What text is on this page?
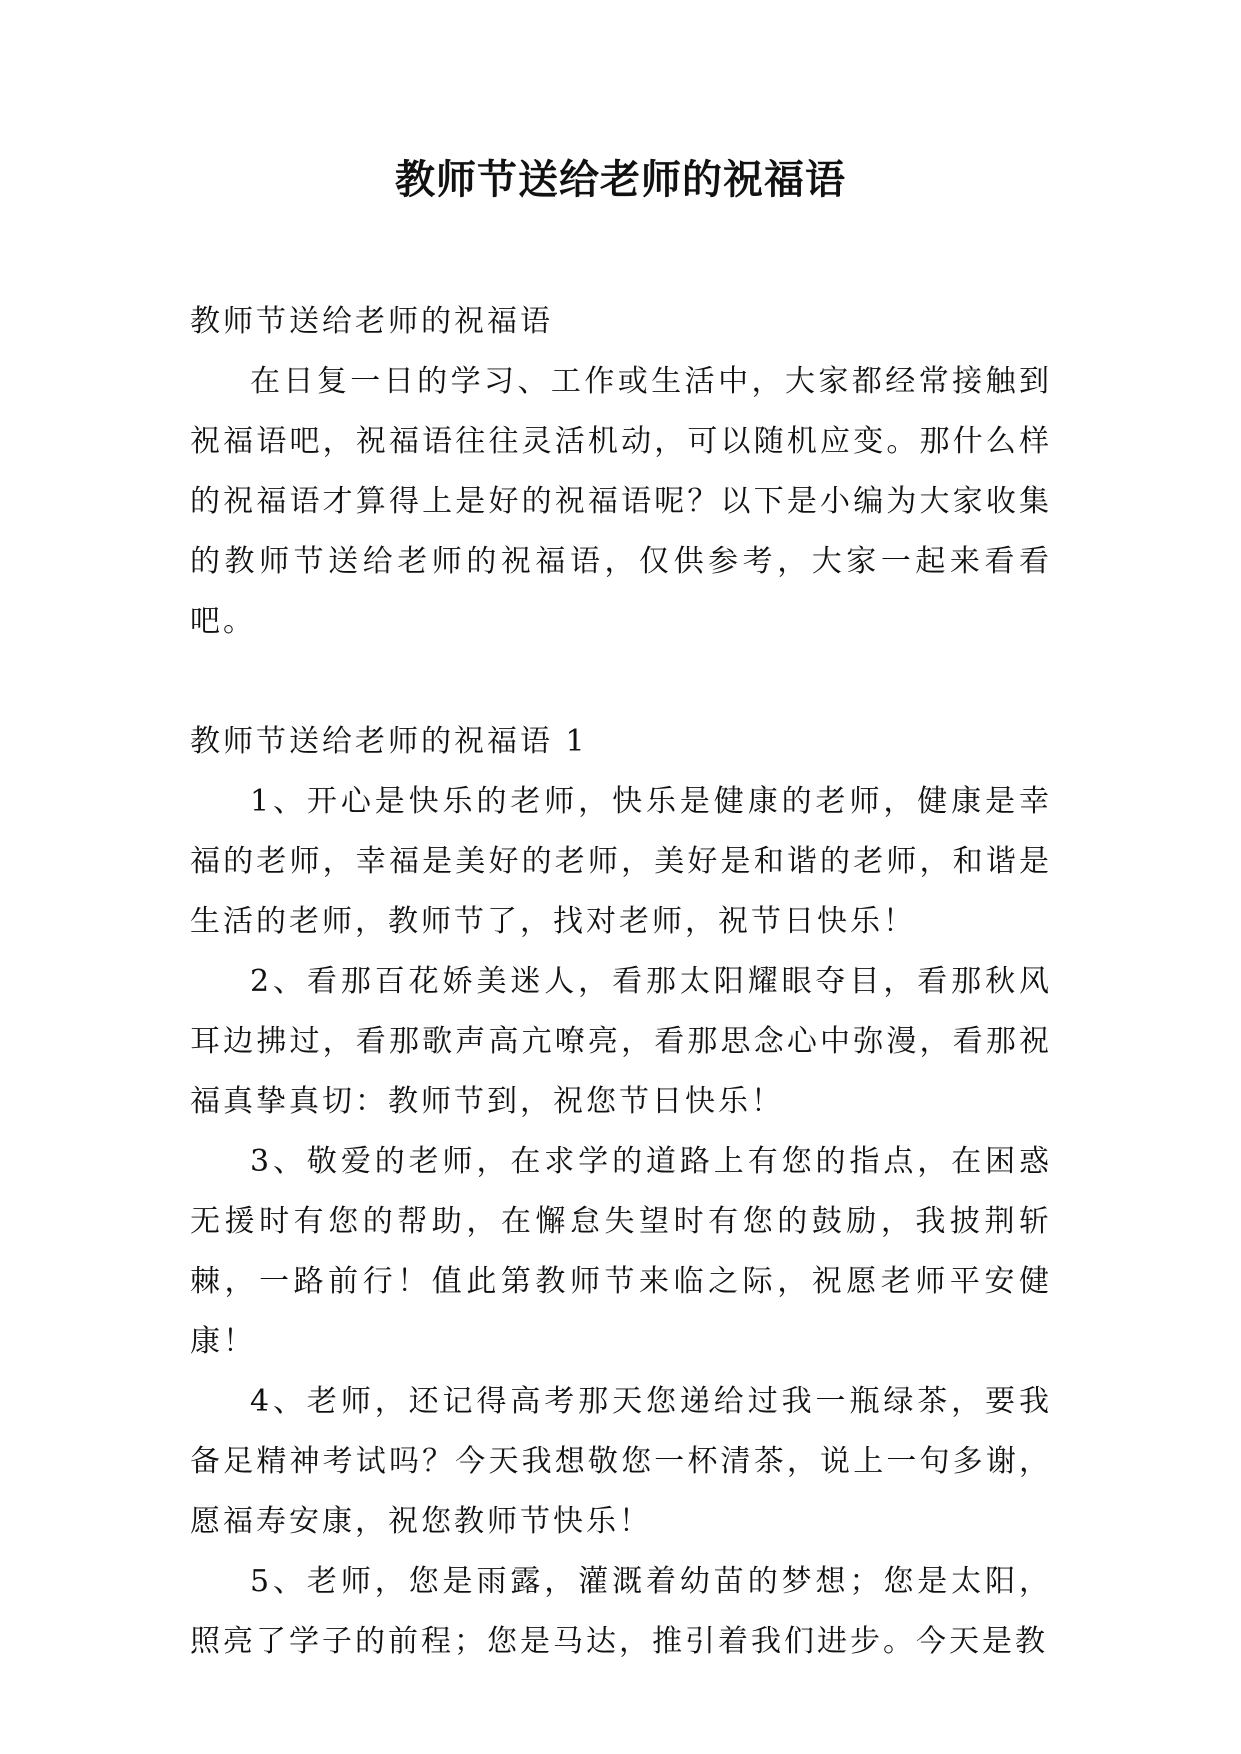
教师节送给老师的祝福语

教师节送给老师的祝福语

在日复一日的学习、工作或生活中，大家都经常接触到祝福语吧，祝福语往往灵活机动，可以随机应变。那什么样的祝福语才算得上是好的祝福语呢？以下是小编为大家收集的教师节送给老师的祝福语，仅供参考，大家一起来看看吧。

教师节送给老师的祝福语 1

1、开心是快乐的老师，快乐是健康的老师，健康是幸福的老师，幸福是美好的老师，美好是和谐的老师，和谐是生活的老师，教师节了，找对老师，祝节日快乐！

2、看那百花娇美迷人，看那太阳耀眼夺目，看那秋风耳边拂过，看那歌声高亢嘹亮，看那思念心中弥漫，看那祝福真挚真切：教师节到，祝您节日快乐！

3、敬爱的老师，在求学的道路上有您的指点，在困惑无援时有您的帮助，在懈怠失望时有您的鼓励，我披荆斩棘，一路前行！值此第教师节来临之际，祝愿老师平安健康！

4、老师，还记得高考那天您递给过我一瓶绿茶，要我备足精神考试吗？今天我想敬您一杯清茶，说上一句多谢，愿福寿安康，祝您教师节快乐！

5、老师，您是雨露，灌溉着幼苗的梦想；您是太阳，照亮了学子的前程；您是马达，推引着我们进步。今天是教
